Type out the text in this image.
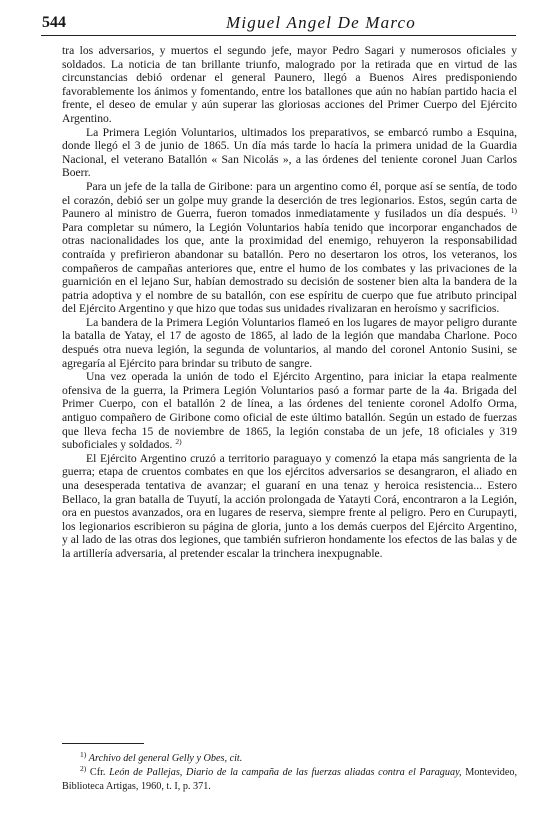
544	Miguel Angel De Marco

tra los adversarios, y muertos el segundo jefe, mayor Pedro Sagari y numerosos oficiales y soldados. La noticia de tan brillante triunfo, malogrado por la retirada que en virtud de las circunstancias debió ordenar el general Paunero, llegó a Buenos Aires predisponiendo favorablemente los ánimos y fomentando, entre los batallones que aún no habían partido hacia el frente, el deseo de emular y aún superar las gloriosas acciones del Primer Cuerpo del Ejército Argentino.

La Primera Legión Voluntarios, ultimados los preparativos, se embarcó rumbo a Esquina, donde llegó el 3 de junio de 1865. Un día más tarde lo hacía la primera unidad de la Guardia Nacional, el veterano Batallón « San Nicolás », a las órdenes del teniente coronel Juan Carlos Boerr.

Para un jefe de la talla de Giribone: para un argentino como él, porque así se sentía, de todo el corazón, debió ser un golpe muy grande la deserción de tres legionarios. Estos, según carta de Paunero al ministro de Guerra, fueron tomados inmediatamente y fusilados un día después. $^{1)}$ Para completar su número, la Legión Voluntarios había tenido que incorporar enganchados de otras nacionalidades los que, ante la proximidad del enemigo, rehuyeron la responsabilidad contraída y prefirieron abandonar su batallón. Pero no desertaron los otros, los veteranos, los compañeros de campañas anteriores que, entre el humo de los combates y las privaciones de la guarnición en el lejano Sur, habían demostrado su decisión de sostener bien alta la bandera de la patria adoptiva y el nombre de su batallón, con ese espíritu de cuerpo que fue atributo principal del Ejército Argentino y que hizo que todas sus unidades rivalizaran en heroísmo y sacrificios.

La bandera de la Primera Legión Voluntarios flameó en los lugares de mayor peligro durante la batalla de Yatay, el 17 de agosto de 1865, al lado de la legión que mandaba Charlone. Poco después otra nueva legión, la segunda de voluntarios, al mando del coronel Antonio Susini, se agregaría al Ejército para brindar su tributo de sangre.

Una vez operada la unión de todo el Ejército Argentino, para iniciar la etapa realmente ofensiva de la guerra, la Primera Legión Voluntarios pasó a formar parte de la 4a. Brigada del Primer Cuerpo, con el batallón 2 de línea, a las órdenes del teniente coronel Adolfo Orma, antiguo compañero de Giribone como oficial de este último batallón. Según un estado de fuerzas que lleva fecha 15 de noviembre de 1865, la legión constaba de un jefe, 18 oficiales y 319 suboficiales y soldados. $^{2)}$

El Ejército Argentino cruzó a territorio paraguayo y comenzó la etapa más sangrienta de la guerra; etapa de cruentos combates en que los ejércitos adversarios se desangraron, el aliado en una desesperada tentativa de avanzar; el guaraní en una tenaz y heroica resistencia... Estero Bellaco, la gran batalla de Tuyutí, la acción prolongada de Yatayti Corá, encontraron a la Legión, ora en puestos avanzados, ora en lugares de reserva, siempre frente al peligro. Pero en Curupayti, los legionarios escribieron su página de gloria, junto a los demás cuerpos del Ejército Argentino, y al lado de las otras dos legiones, que también sufrieron hondamente los efectos de las balas y de la artillería adversaria, al pretender escalar la trinchera inexpugnable.

$^{1)}$ Archivo del general Gelly y Obes, cit.

$^{2)}$ Cfr. León de Pallejas, Diario de la campaña de las fuerzas aliadas contra el Paraguay, Montevideo, Biblioteca Artigas, 1960, t. I, p. 371.
